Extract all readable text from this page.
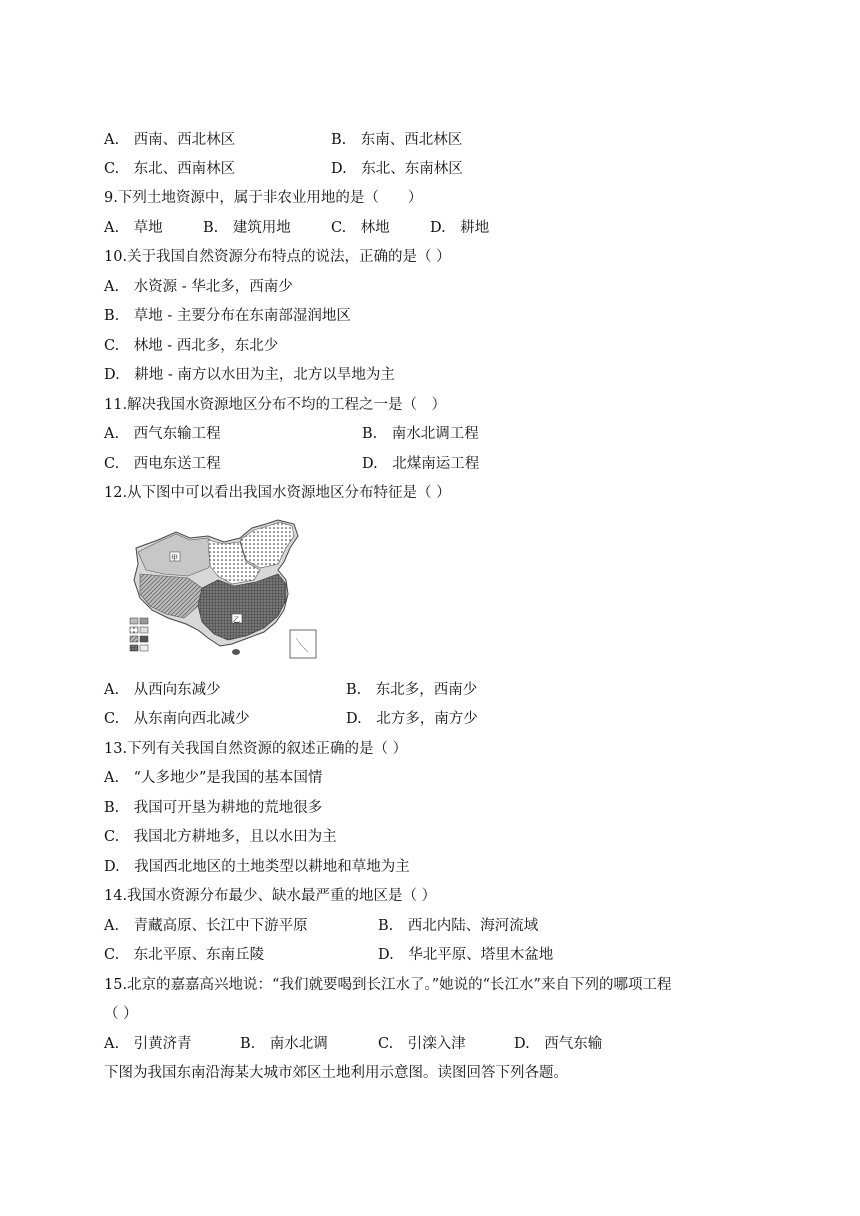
A.　西南、西北林区	B.　东南、西北林区
C.　东北、西南林区	D.　东北、东南林区
9.下列土地资源中，属于非农业用地的是（　　）
A.　草地	B.　建筑用地	C.　林地	D.　耕地
10.关于我国自然资源分布特点的说法，正确的是（ ）
A.　水资源 - 华北多，西南少
B.　草地 - 主要分布在东南部湿润地区
C.　林地 - 西北多，东北少
D.　耕地 - 南方以水田为主，北方以旱地为主
11.解决我国水资源地区分布不均的工程之一是（　）
A.　西气东输工程	B.　南水北调工程
C.　西电东送工程	D.　北煤南运工程
12.从下图中可以看出我国水资源地区分布特征是（ ）
甲
乙
A.　从西向东减少	B.　东北多，西南少
C.　从东南向西北减少	D.　北方多，南方少
13.下列有关我国自然资源的叙述正确的是（ ）
A.　“人多地少”是我国的基本国情
B.　我国可开垦为耕地的荒地很多
C.　我国北方耕地多，且以水田为主
D.　我国西北地区的土地类型以耕地和草地为主
14.我国水资源分布最少、缺水最严重的地区是（ ）
A.　青藏高原、长江中下游平原	B.　西北内陆、海河流域
C.　东北平原、东南丘陵	D.　华北平原、塔里木盆地
15.北京的嘉嘉高兴地说：“我们就要喝到长江水了。”她说的“长江水”来自下列的哪项工程
（ ）
A.　引黄济青	B.　南水北调	C.　引滦入津	D.　西气东输
下图为我国东南沿海某大城市郊区土地利用示意图。读图回答下列各题。
